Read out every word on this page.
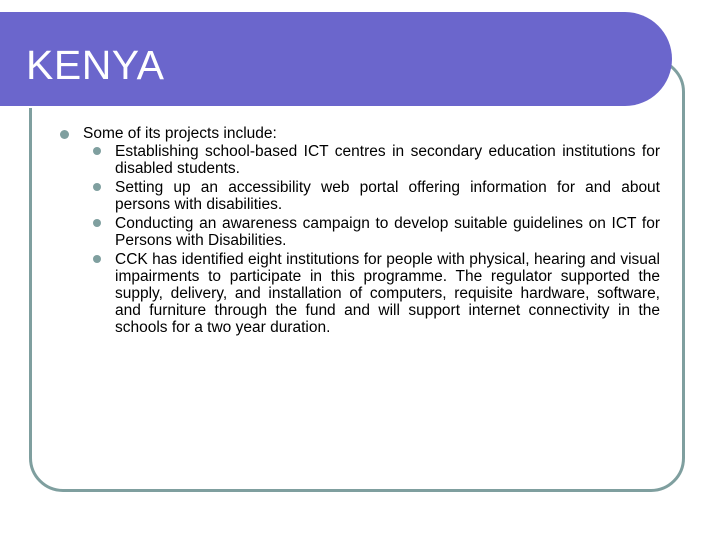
KENYA
Some of its projects include:
Establishing school-based ICT centres in secondary education institutions for disabled students.
Setting up an accessibility web portal offering information for and about persons with disabilities.
Conducting an awareness campaign to develop suitable guidelines on ICT for Persons with Disabilities.
CCK has identified eight institutions for people with physical, hearing and visual impairments to participate in this programme. The regulator supported the supply, delivery, and installation of computers, requisite hardware, software, and furniture through the fund and will support internet connectivity in the schools for a two year duration.
